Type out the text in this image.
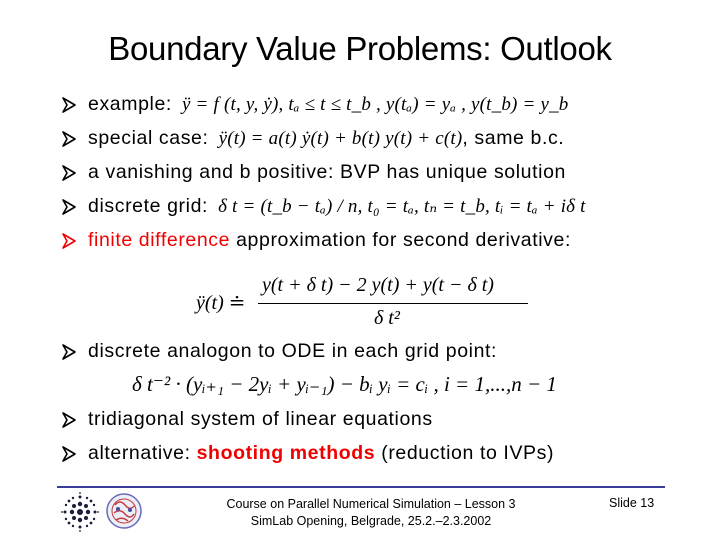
Boundary Value Problems: Outlook
example: ÿ = f (t, y, ẏ), tₐ ≤ t ≤ t_b , y(tₐ) = yₐ , y(t_b) = y_b
special case: ÿ(t) = a(t) ẏ(t) + b(t) y(t) + c(t), same b.c.
a vanishing and b positive: BVP has unique solution
discrete grid: δ t = (t_b − tₐ) / n, t₀ = tₐ, tₙ = t_b, tᵢ = tₐ + iδ t
finite difference approximation for second derivative:
discrete analogon to ODE in each grid point:
tridiagonal system of linear equations
alternative: shooting methods (reduction to IVPs)
ÿ(t) ≐
y(t + δ t) − 2 y(t) + y(t − δ t)
δ t²
δ t⁻² · (yᵢ₊₁ − 2yᵢ + yᵢ₋₁) − bᵢ yᵢ = cᵢ , i = 1,...,n − 1
Course on Parallel Numerical Simulation – Lesson 3
SimLab Opening, Belgrade, 25.2.–2.3.2002
Slide 13
